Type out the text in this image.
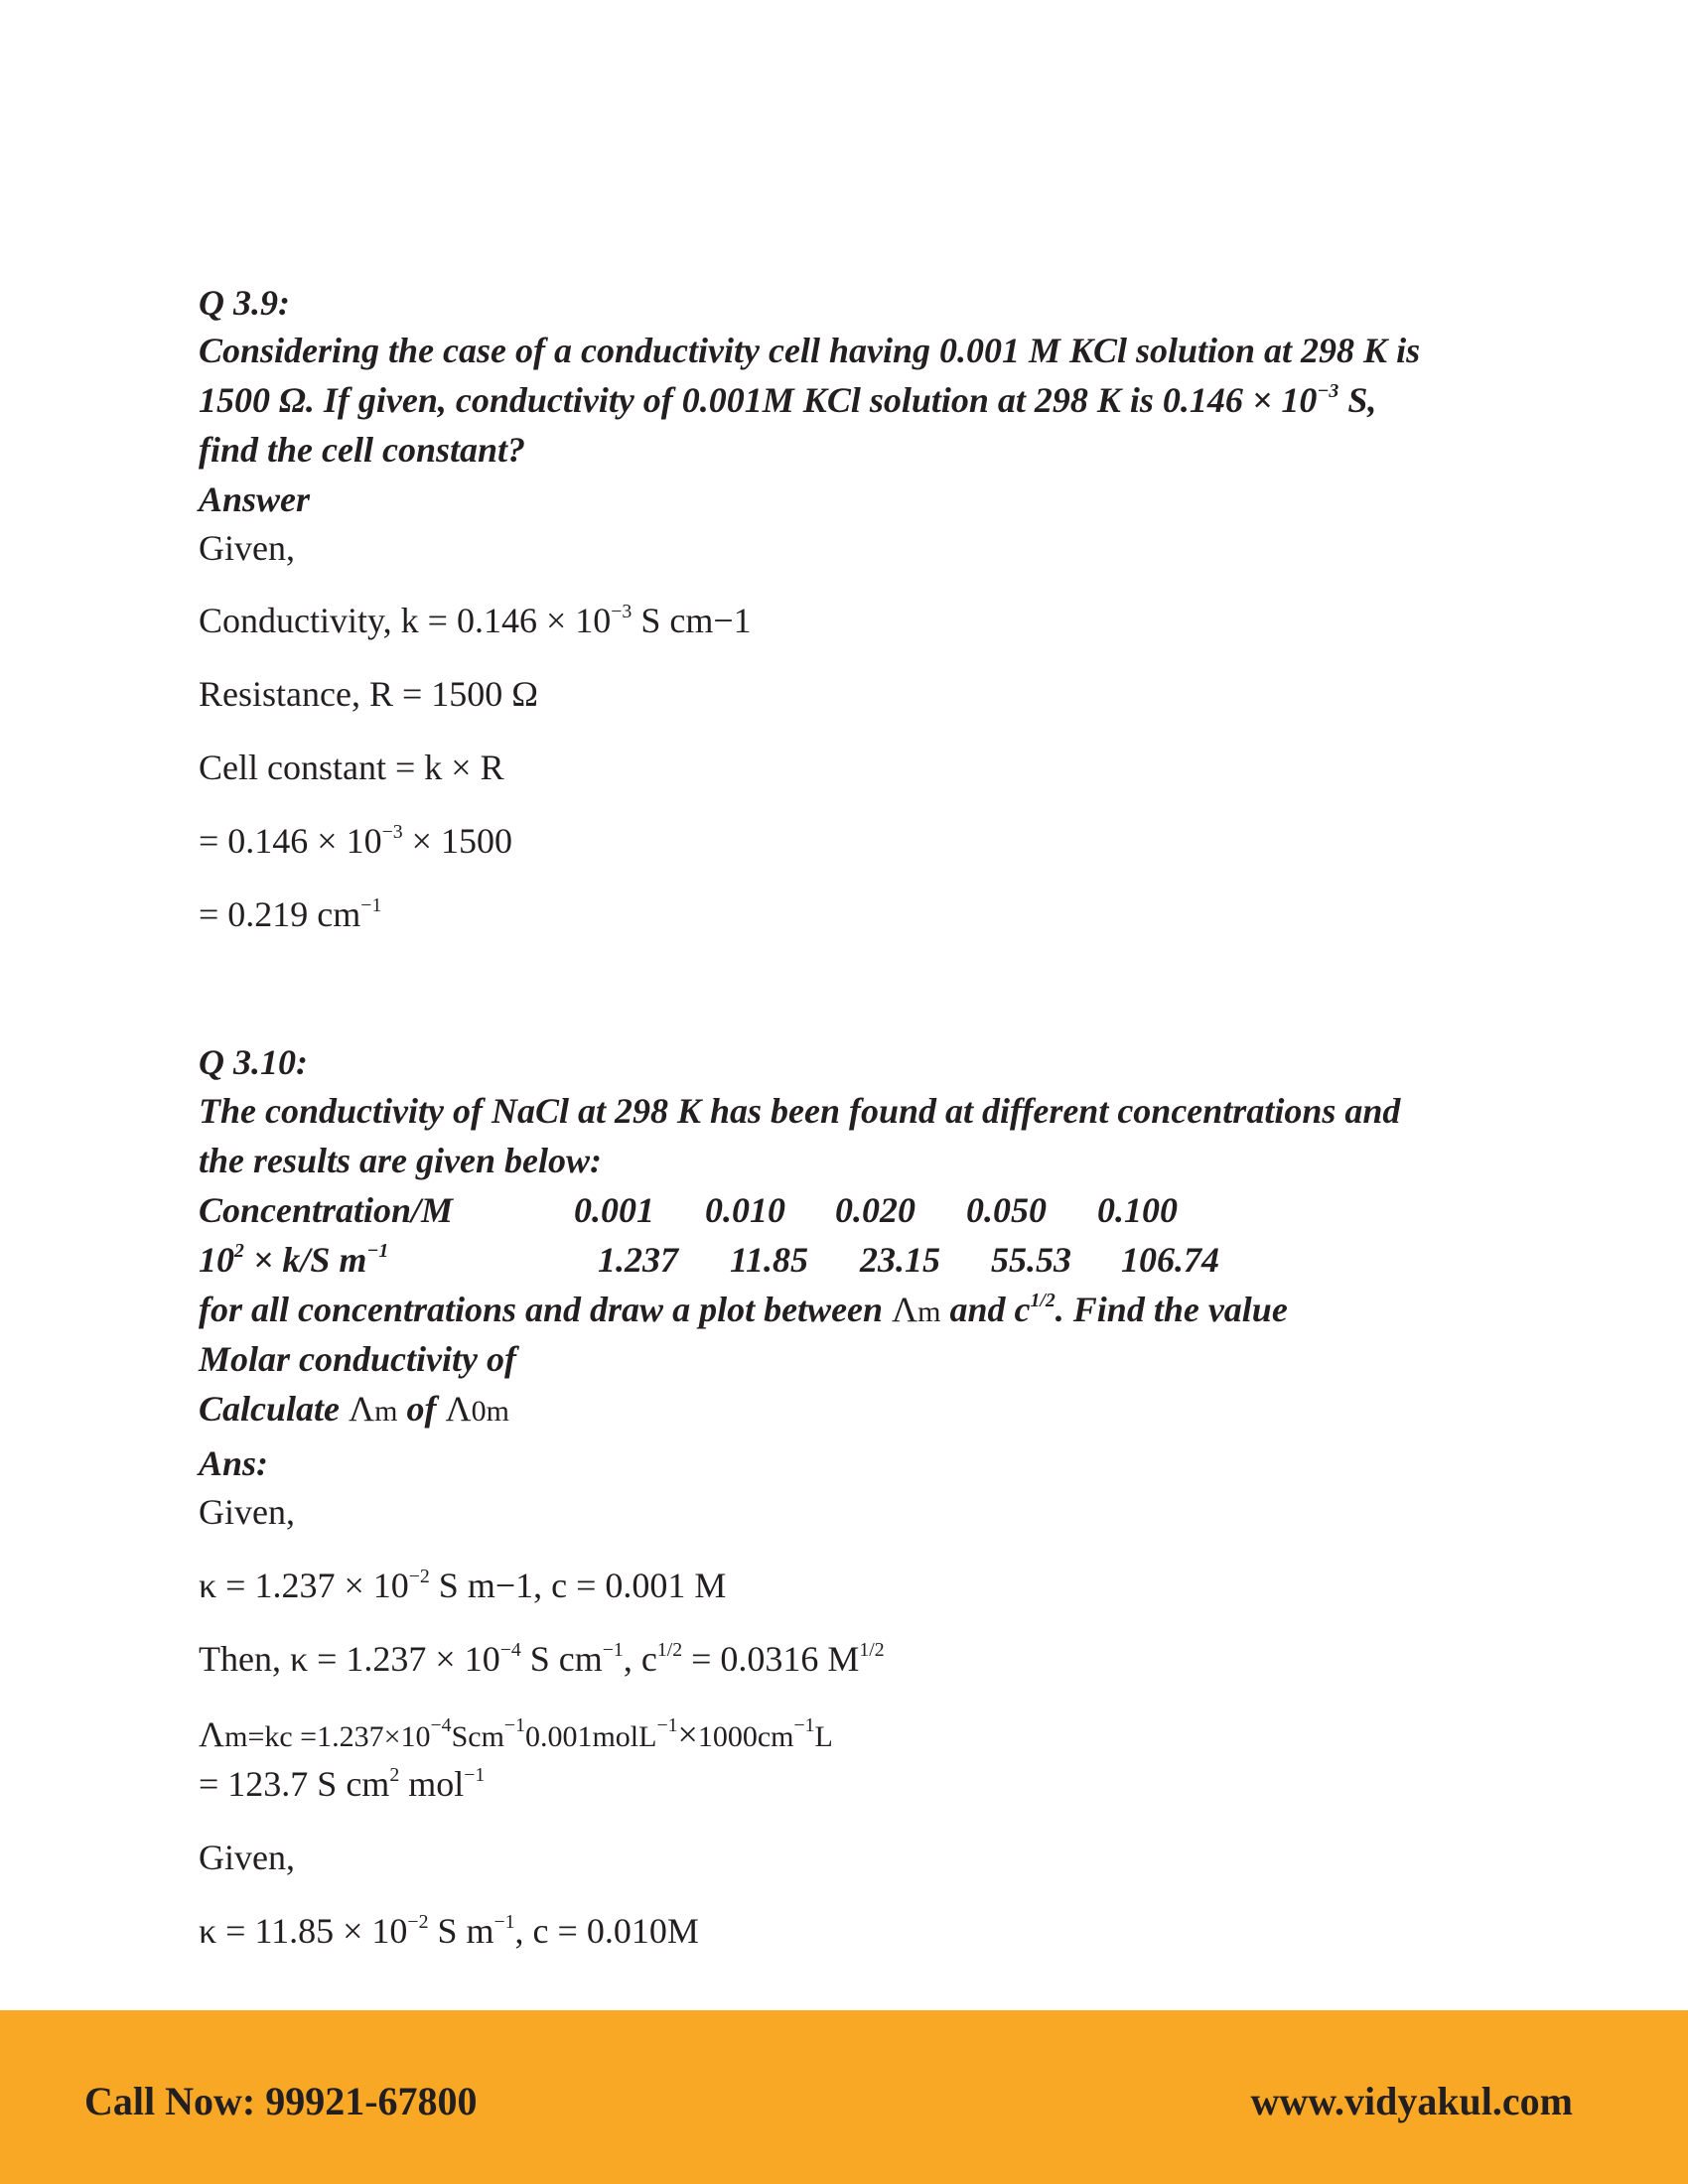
Q 3.9:

Considering the case of a conductivity cell having 0.001 M KCl solution at 298 K is

1500 Ω. If given, conductivity of 0.001M KCl solution at 298 K is $0.146 \times 10^{-3}$ S,

find the cell constant?

Answer

Given,

Conductivity, $k = 0.146 \times 10^{-3}$ S cm−1

Resistance, R = 1500 Ω

Cell constant = k × R

= $0.146 \times 10^{-3} \times 1500$

= 0.219 $cm^{-1}$

Q 3.10:

The conductivity of NaCl at 298 K has been found at different concentrations and

the results are given below:

Concentration/M	0.001 0.010 0.020 0.050 0.100
$10^2 \times k/S$ $m^{-1}$	1.237 11.85 23.15 55.53 106.74

for all concentrations and draw a plot between Λm and $c^{1/2}$. Find the value

Molar conductivity of

Calculate Λm of Λ0m

Ans:

Given,

$\kappa = 1.237 \times 10^{-2}$ S m−1, c = 0.001 M

Then, $\kappa = 1.237 \times 10^{-4}$ S $cm^{-1}$, $c^{1/2} = 0.0316$ $M^{1/2}$

$\Lambda m=kc =1.237\times 10^{-4}Scm^{-1}0.001molL^{-1}\times 1000cm^{-1}L$

= 123.7 S $cm^2$ mol$^{-1}$

Given,

$\kappa = 11.85 \times 10^{-2}$ S $m^{-1}$, c = 0.010M

Call Now: 99921-67800	www.vidyakul.com
